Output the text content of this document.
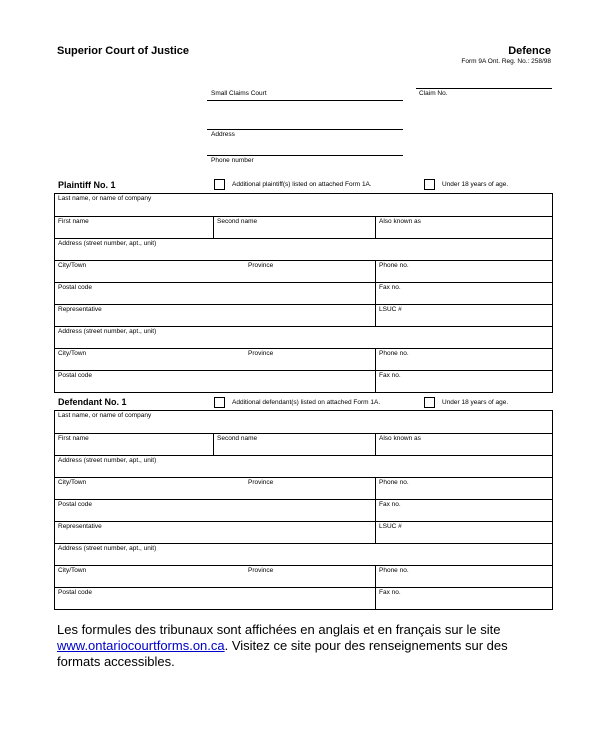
Superior Court of Justice	Defence
Form 9A Ont. Reg. No.: 258/98
Small Claims Court	Claim No.
Address
Phone number
Plaintiff No. 1	Additional plaintiff(s) listed on attached Form 1A.	Under 18 years of age.
Last name, or name of company		
First name	Second name	Also known as
Address (street number, apt., unit)		
City/Town Province		Phone no.
Postal code		Fax no.
Representative		LSUC #
Address (street number, apt., unit)		
City/Town Province		Phone no.
Postal code		Fax no.
Defendant No. 1	Additional defendant(s) listed on attached Form 1A.	Under 18 years of age.
Last name, or name of company		
First name	Second name	Also known as
Address (street number, apt., unit)		
City/Town Province		Phone no.
Postal code		Fax no.
Representative		LSUC #
Address (street number, apt., unit)		
City/Town Province		Phone no.
Postal code		Fax no.
Les formules des tribunaux sont affichées en anglais et en français sur le site
www.ontariocourtforms.on.ca. Visitez ce site pour des renseignements sur des
formats accessibles.
